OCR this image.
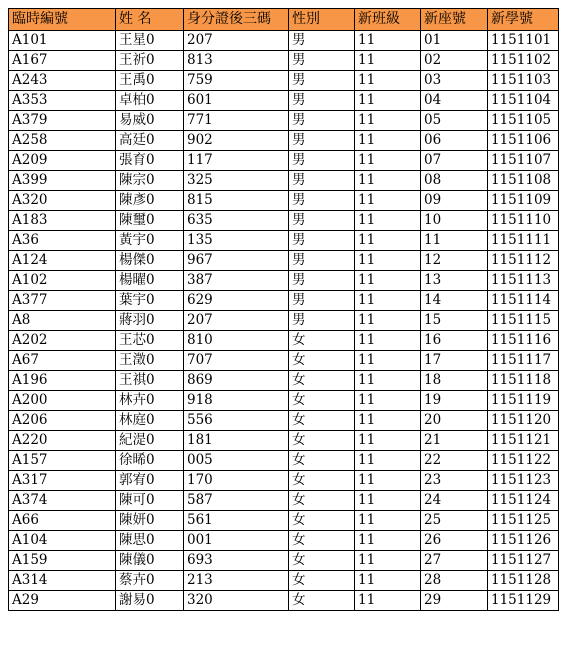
臨時編號	姓 名	身分證後三碼	性別	新班級	新座號	新學號
A101	王星0	207	男	11	01	1151101
A167	王祈0	813	男	11	02	1151102
A243	王禹0	759	男	11	03	1151103
A353	卓柏0	601	男	11	04	1151104
A379	易威0	771	男	11	05	1151105
A258	高廷0	902	男	11	06	1151106
A209	張育0	117	男	11	07	1151107
A399	陳宗0	325	男	11	08	1151108
A320	陳彥0	815	男	11	09	1151109
A183	陳璽0	635	男	11	10	1151110
A36	黃宇0	135	男	11	11	1151111
A124	楊傑0	967	男	11	12	1151112
A102	楊曜0	387	男	11	13	1151113
A377	葉宇0	629	男	11	14	1151114
A8	蔣羽0	207	男	11	15	1151115
A202	王芯0	810	女	11	16	1151116
A67	王澂0	707	女	11	17	1151117
A196	王祺0	869	女	11	18	1151118
A200	林卉0	918	女	11	19	1151119
A206	林庭0	556	女	11	20	1151120
A220	紀湜0	181	女	11	21	1151121
A157	徐晞0	005	女	11	22	1151122
A317	郭宥0	170	女	11	23	1151123
A374	陳可0	587	女	11	24	1151124
A66	陳妍0	561	女	11	25	1151125
A104	陳思0	001	女	11	26	1151126
A159	陳儀0	693	女	11	27	1151127
A314	蔡卉0	213	女	11	28	1151128
A29	謝易0	320	女	11	29	1151129
